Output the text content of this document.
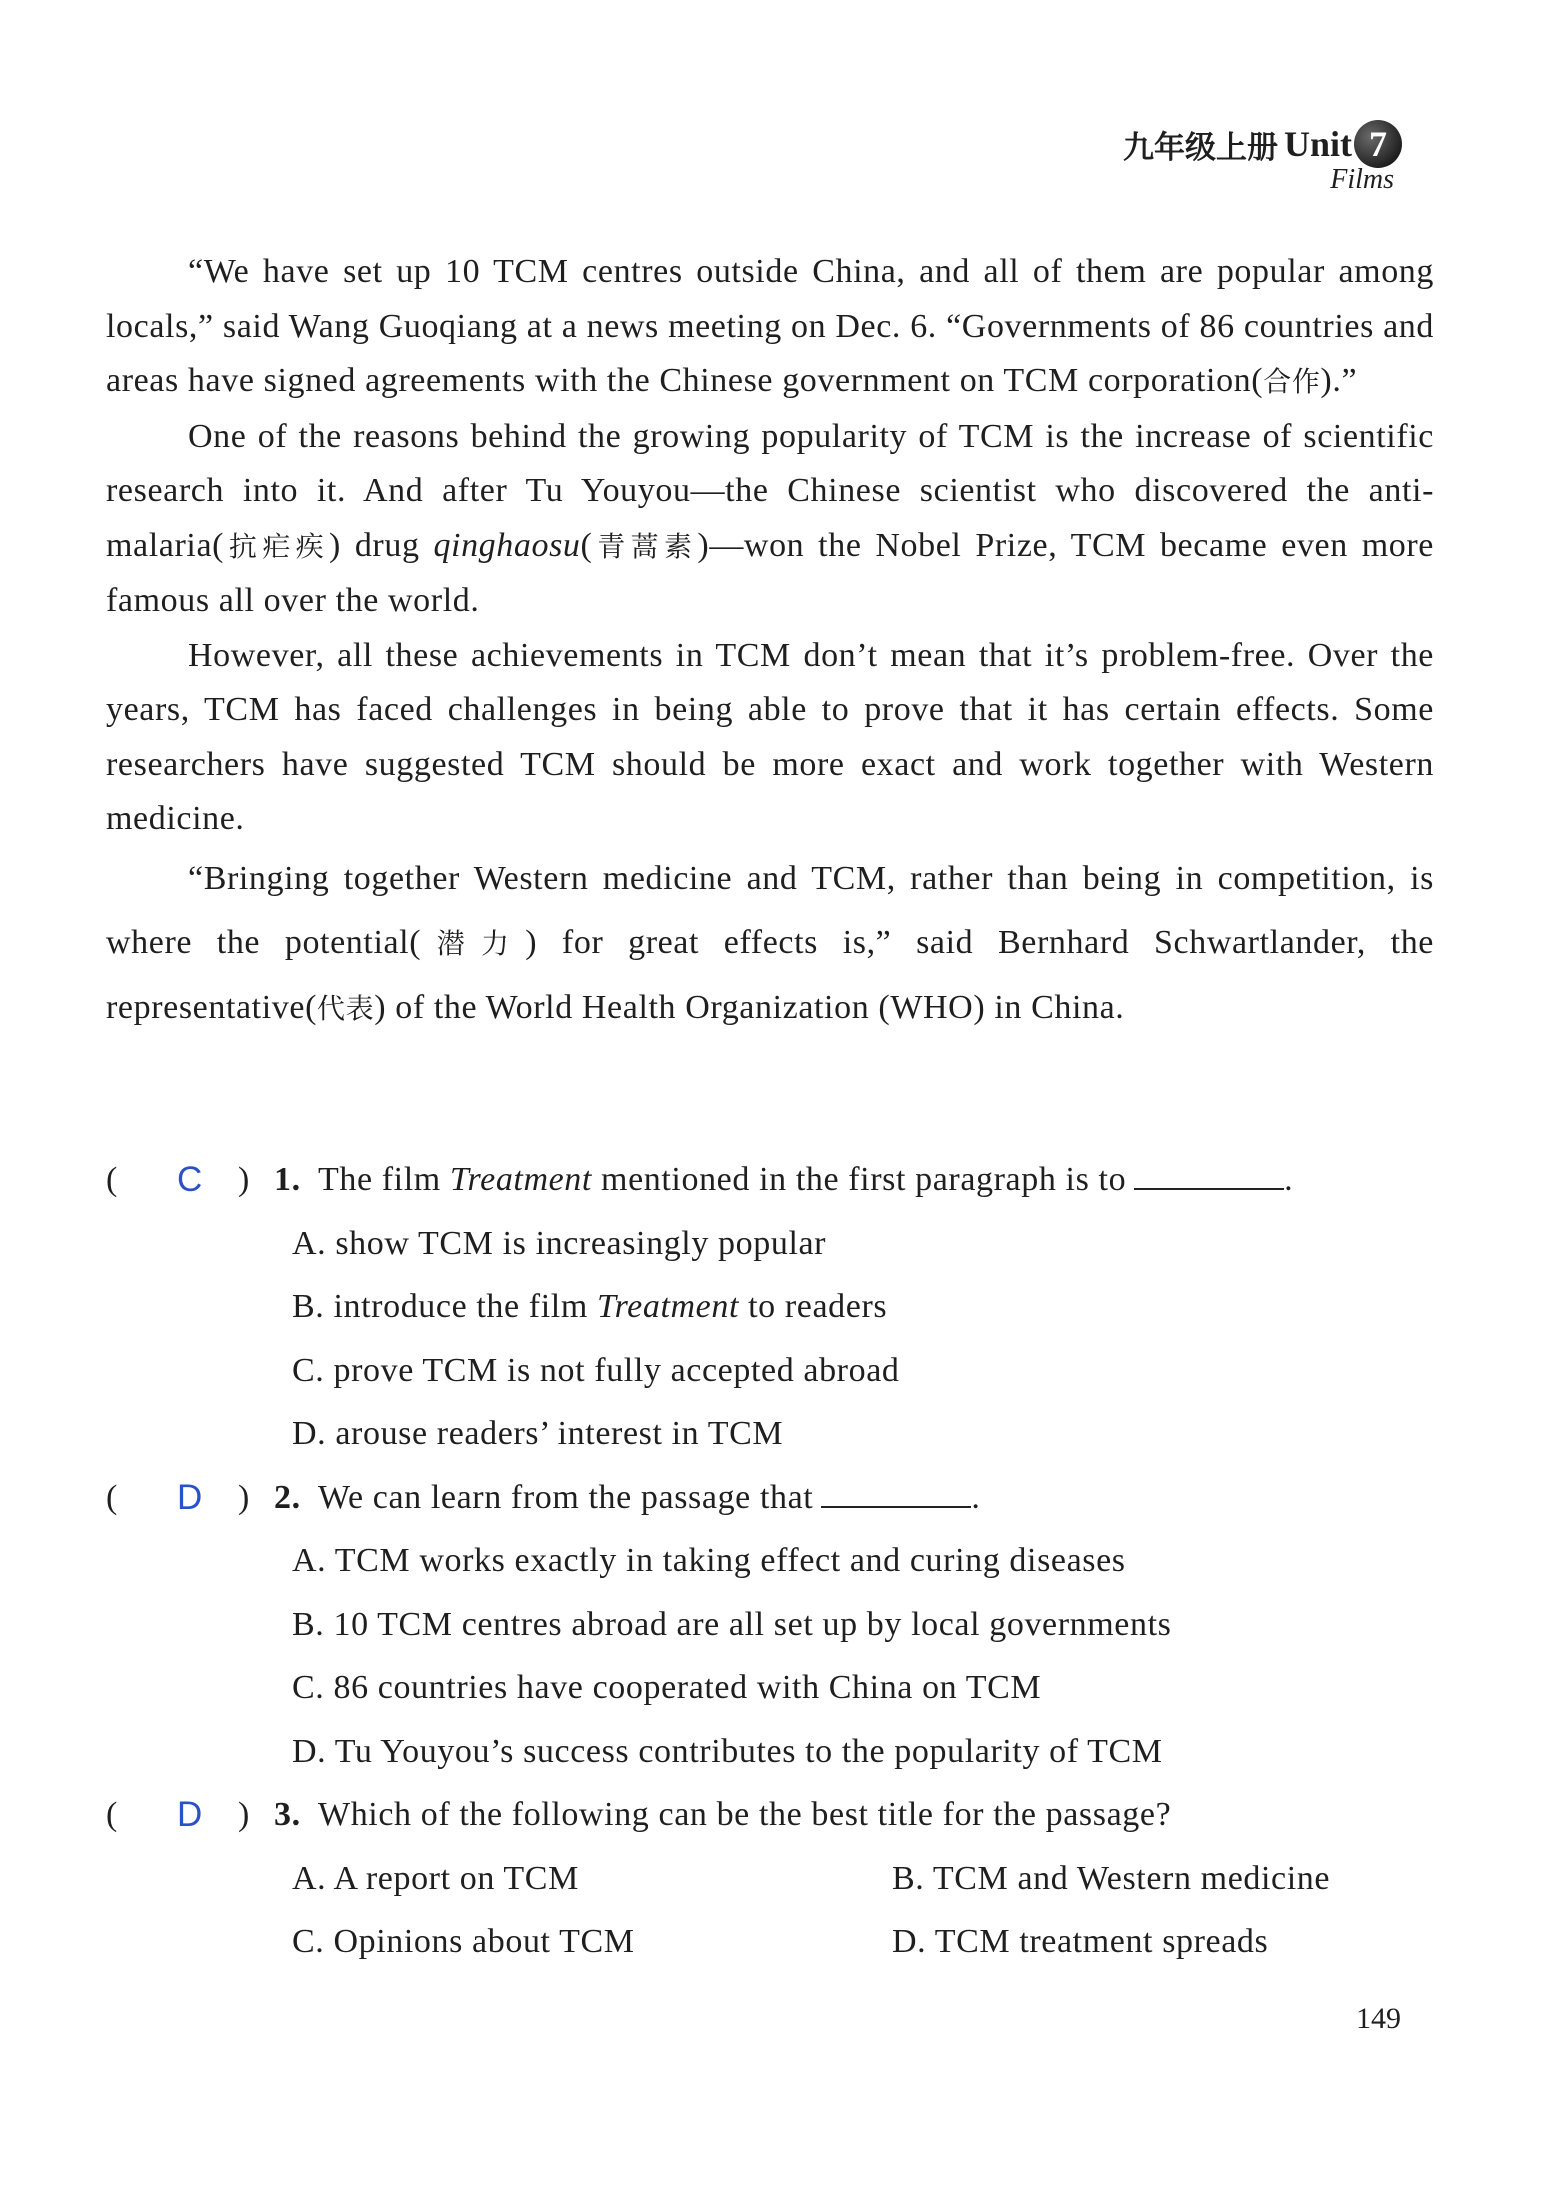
九年级上册 Unit 7
Films

“We have set up 10 TCM centres outside China, and all of them are popular among locals,” said Wang Guoqiang at a news meeting on Dec. 6. “Governments of 86 countries and areas have signed agreements with the Chinese government on TCM corporation(合作).”

One of the reasons behind the growing popularity of TCM is the increase of scientific research into it. And after Tu Youyou—the Chinese scientist who discovered the anti-malaria(抗疟疾) drug qinghaosu(青蒿素)—won the Nobel Prize, TCM became even more famous all over the world.

However, all these achievements in TCM don’t mean that it’s problem-free. Over the years, TCM has faced challenges in being able to prove that it has certain effects. Some researchers have suggested TCM should be more exact and work together with Western medicine.

“Bringing together Western medicine and TCM, rather than being in competition, is where the potential(潜力) for great effects is,” said Bernhard Schwartlander, the representative(代表) of the World Health Organization (WHO) in China.

(	C	) 1. The film Treatment mentioned in the first paragraph is to	.
A. show TCM is increasingly popular
B. introduce the film Treatment to readers
C. prove TCM is not fully accepted abroad
D. arouse readers’ interest in TCM
(	D	) 2. We can learn from the passage that	.
A. TCM works exactly in taking effect and curing diseases
B. 10 TCM centres abroad are all set up by local governments
C. 86 countries have cooperated with China on TCM
D. Tu Youyou’s success contributes to the popularity of TCM
(	D	) 3. Which of the following can be the best title for the passage?
A. A report on TCM	B. TCM and Western medicine
C. Opinions about TCM	D. TCM treatment spreads
149
